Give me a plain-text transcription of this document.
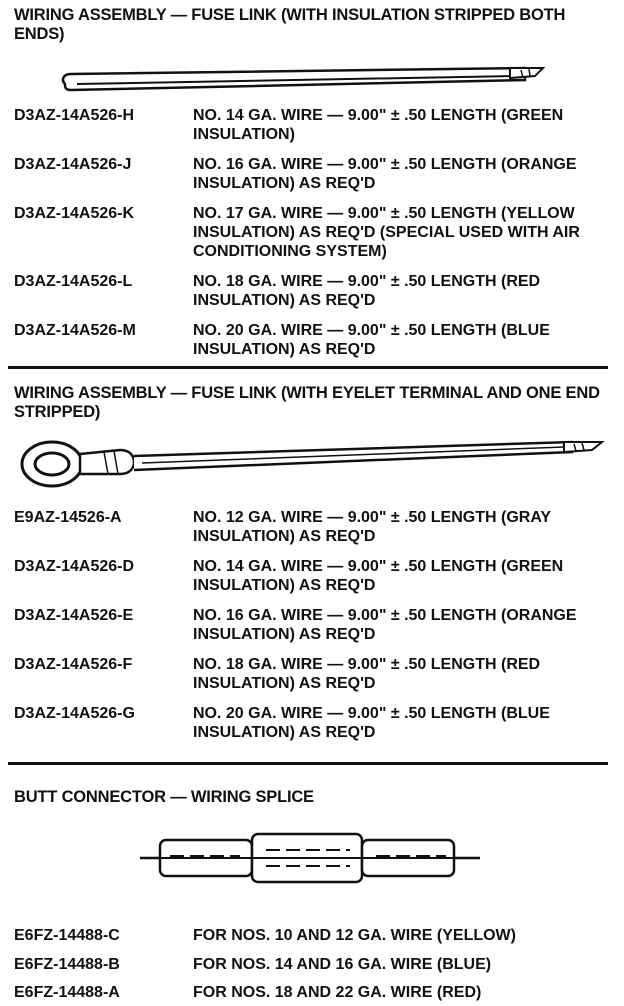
WIRING ASSEMBLY — FUSE LINK (WITH INSULATION STRIPPED BOTH ENDS)
D3AZ-14A526-H	NO. 14 GA. WIRE — 9.00" ± .50 LENGTH (GREEN INSULATION)
D3AZ-14A526-J	NO. 16 GA. WIRE — 9.00" ± .50 LENGTH (ORANGE INSULATION) AS REQ'D
D3AZ-14A526-K	NO. 17 GA. WIRE — 9.00" ± .50 LENGTH (YELLOW INSULATION) AS REQ'D (SPECIAL USED WITH AIR CONDITIONING SYSTEM)
D3AZ-14A526-L	NO. 18 GA. WIRE — 9.00" ± .50 LENGTH (RED INSULATION) AS REQ'D
D3AZ-14A526-M	NO. 20 GA. WIRE — 9.00" ± .50 LENGTH (BLUE INSULATION) AS REQ'D
WIRING ASSEMBLY — FUSE LINK (WITH EYELET TERMINAL AND ONE END STRIPPED)
E9AZ-14526-A	NO. 12 GA. WIRE — 9.00" ± .50 LENGTH (GRAY INSULATION) AS REQ'D
D3AZ-14A526-D	NO. 14 GA. WIRE — 9.00" ± .50 LENGTH (GREEN INSULATION) AS REQ'D
D3AZ-14A526-E	NO. 16 GA. WIRE — 9.00" ± .50 LENGTH (ORANGE INSULATION) AS REQ'D
D3AZ-14A526-F	NO. 18 GA. WIRE — 9.00" ± .50 LENGTH (RED INSULATION) AS REQ'D
D3AZ-14A526-G	NO. 20 GA. WIRE — 9.00" ± .50 LENGTH (BLUE INSULATION) AS REQ'D
BUTT CONNECTOR — WIRING SPLICE
E6FZ-14488-C	FOR NOS. 10 AND 12 GA. WIRE (YELLOW)
E6FZ-14488-B	FOR NOS. 14 AND 16 GA. WIRE (BLUE)
E6FZ-14488-A	FOR NOS. 18 AND 22 GA. WIRE (RED)
